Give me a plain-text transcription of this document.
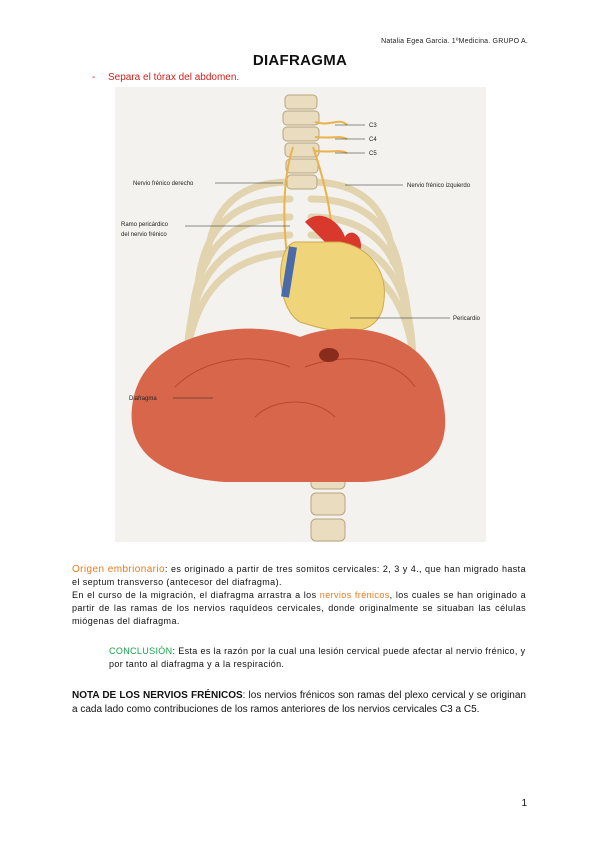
Natalia Egea Garcia. 1ºMedicina. GRUPO A.
DIAFRAGMA
- Separa el tórax del abdomen.
C3
C4
C5
Nervio frénico derecho	Nervio frénico izquierdo
Ramo pericárdico
del nervio frénico
Pericardio
Diafragma
Origen embrionario: es originado a partir de tres somitos cervicales: 2, 3 y 4., que han migrado hasta el septum transverso (antecesor del diafragma).
En el curso de la migración, el diafragma arrastra a los nervios frénicos, los cuales se han originado a partir de las ramas de los nervios raquídeos cervicales, donde originalmente se situaban las células miógenas del diafragma.
CONCLUSIÓN: Esta es la razón por la cual una lesión cervical puede afectar al nervio frénico, y por tanto al diafragma y a la respiración.
NOTA DE LOS NERVIOS FRÉNICOS: los nervios frénicos son ramas del plexo cervical y se originan a cada lado como contribuciones de los ramos anteriores de los nervios cervicales C3 a C5.
1
